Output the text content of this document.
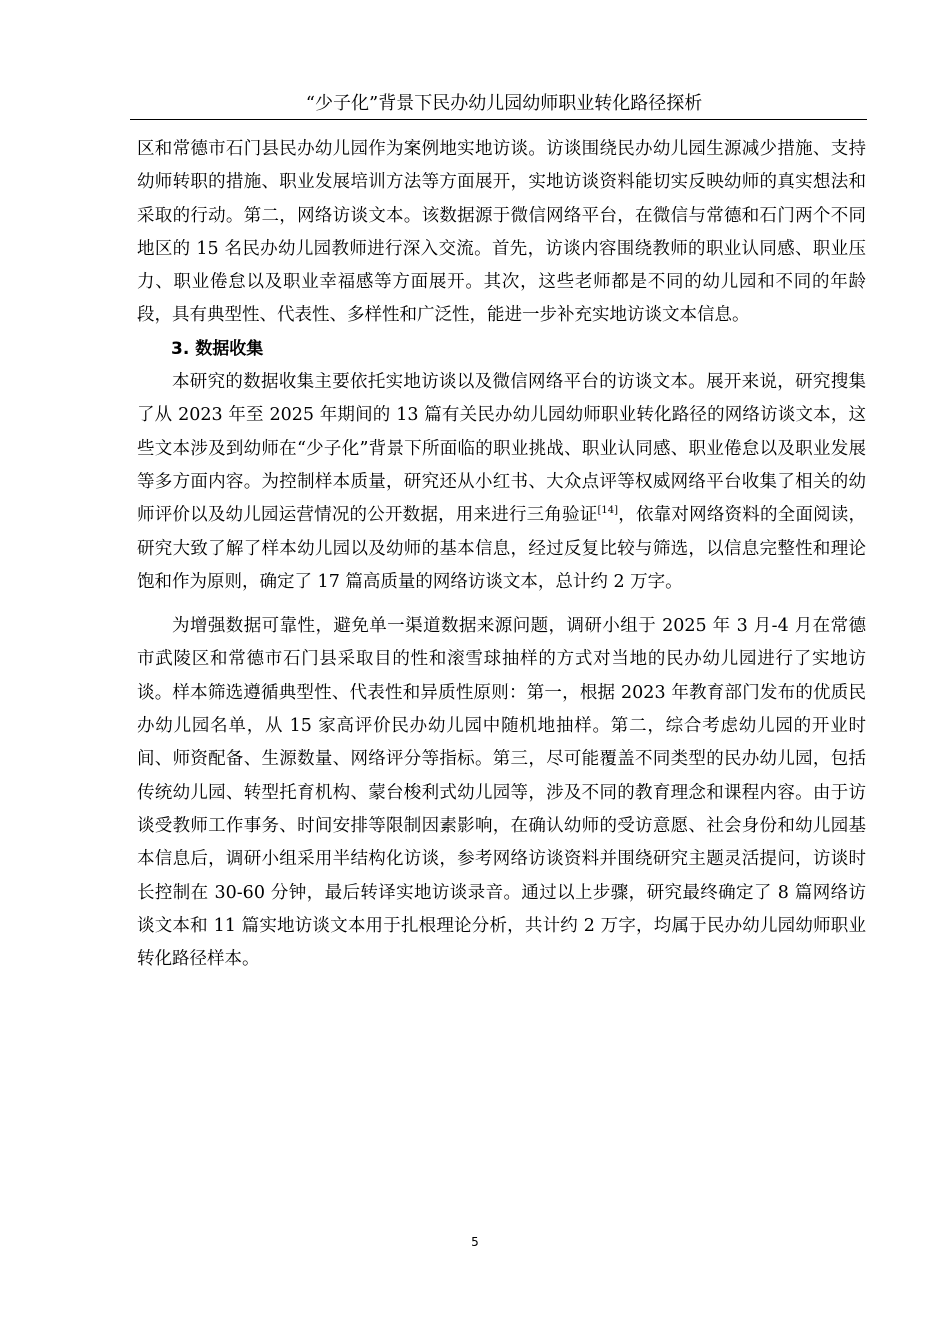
“少子化”背景下民办幼儿园幼师职业转化路径探析

区和常德市石门县民办幼儿园作为案例地实地访谈。访谈围绕民办幼儿园生源减少措施、支持幼师转职的措施、职业发展培训方法等方面展开，实地访谈资料能切实反映幼师的真实想法和采取的行动。第二，网络访谈文本。该数据源于微信网络平台，在微信与常德和石门两个不同地区的 15 名民办幼儿园教师进行深入交流。首先，访谈内容围绕教师的职业认同感、职业压力、职业倦怠以及职业幸福感等方面展开。其次，这些老师都是不同的幼儿园和不同的年龄段，具有典型性、代表性、多样性和广泛性，能进一步补充实地访谈文本信息。

3. 数据收集

本研究的数据收集主要依托实地访谈以及微信网络平台的访谈文本。展开来说，研究搜集了从 2023 年至 2025 年期间的 13 篇有关民办幼儿园幼师职业转化路径的网络访谈文本，这些文本涉及到幼师在“少子化”背景下所面临的职业挑战、职业认同感、职业倦怠以及职业发展等多方面内容。为控制样本质量，研究还从小红书、大众点评等权威网络平台收集了相关的幼师评价以及幼儿园运营情况的公开数据，用来进行三角验证[14]，依靠对网络资料的全面阅读，研究大致了解了样本幼儿园以及幼师的基本信息，经过反复比较与筛选，以信息完整性和理论饱和作为原则，确定了 17 篇高质量的网络访谈文本，总计约 2 万字。

为增强数据可靠性，避免单一渠道数据来源问题，调研小组于 2025 年 3 月-4 月在常德市武陵区和常德市石门县采取目的性和滚雪球抽样的方式对当地的民办幼儿园进行了实地访谈。样本筛选遵循典型性、代表性和异质性原则：第一，根据 2023 年教育部门发布的优质民办幼儿园名单，从 15 家高评价民办幼儿园中随机地抽样。第二，综合考虑幼儿园的开业时间、师资配备、生源数量、网络评分等指标。第三，尽可能覆盖不同类型的民办幼儿园，包括传统幼儿园、转型托育机构、蒙台梭利式幼儿园等，涉及不同的教育理念和课程内容。由于访谈受教师工作事务、时间安排等限制因素影响，在确认幼师的受访意愿、社会身份和幼儿园基本信息后，调研小组采用半结构化访谈，参考网络访谈资料并围绕研究主题灵活提问，访谈时长控制在 30-60 分钟，最后转译实地访谈录音。通过以上步骤，研究最终确定了 8 篇网络访谈文本和 11 篇实地访谈文本用于扎根理论分析，共计约 2 万字，均属于民办幼儿园幼师职业转化路径样本。

5
